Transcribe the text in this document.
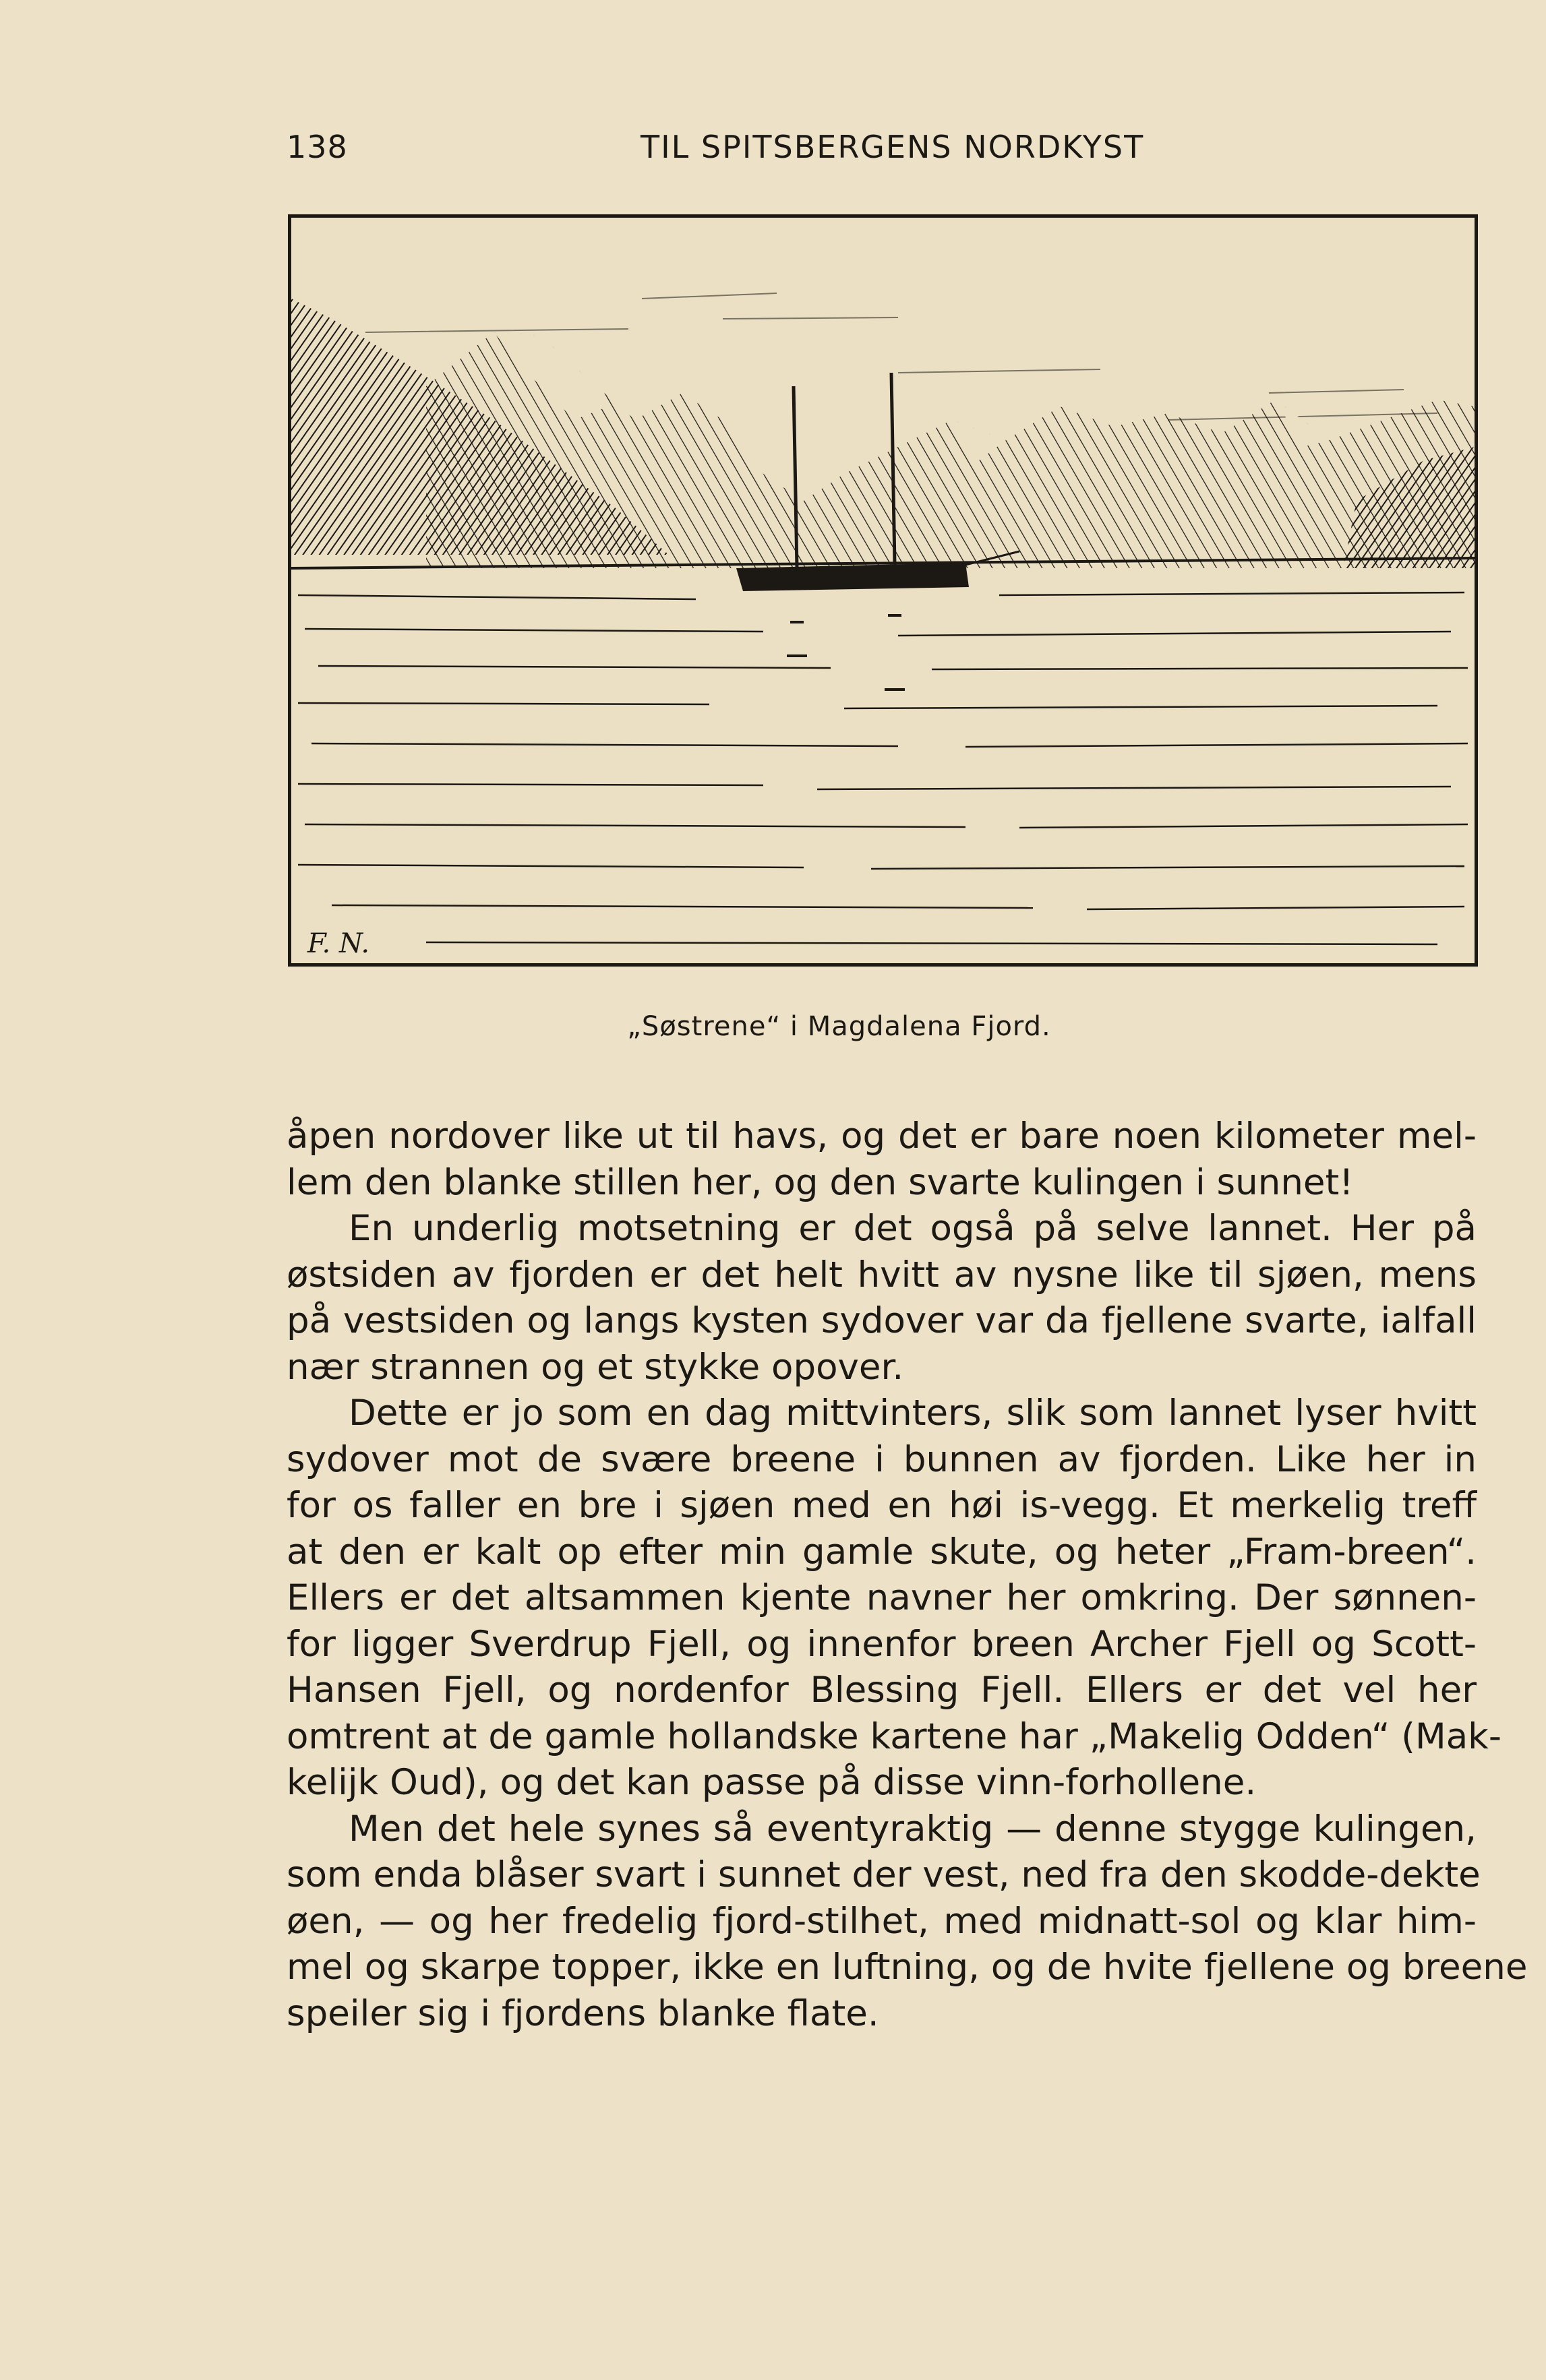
138	TIL SPITSBERGENS NORDKYST
F. N.
„Søstrene“ i Magdalena Fjord.

åpen nordover like ut til havs, og det er bare noen kilometer mel-
lem den blanke stillen her, og den svarte kulingen i sunnet!

En underlig motsetning er det også på selve lannet. Her på
østsiden av fjorden er det helt hvitt av nysne like til sjøen, mens
på vestsiden og langs kysten sydover var da fjellene svarte, ialfall
nær strannen og et stykke opover.

Dette er jo som en dag mittvinters, slik som lannet lyser hvitt
sydover mot de svære breene i bunnen av fjorden. Like her in
for os faller en bre i sjøen med en høi is-vegg. Et merkelig treff
at den er kalt op efter min gamle skute, og heter „Fram-breen“.
Ellers er det altsammen kjente navner her omkring. Der sønnen-
for ligger Sverdrup Fjell, og innenfor breen Archer Fjell og Scott-
Hansen Fjell, og nordenfor Blessing Fjell. Ellers er det vel her
omtrent at de gamle hollandske kartene har „Makelig Odden“ (Mak-
kelijk Oud), og det kan passe på disse vinn-forhollene.

Men det hele synes så eventyraktig — denne stygge kulingen,
som enda blåser svart i sunnet der vest, ned fra den skodde-dekte
øen, — og her fredelig fjord-stilhet, med midnatt-sol og klar him-
mel og skarpe topper, ikke en luftning, og de hvite fjellene og breene
speiler sig i fjordens blanke flate.
